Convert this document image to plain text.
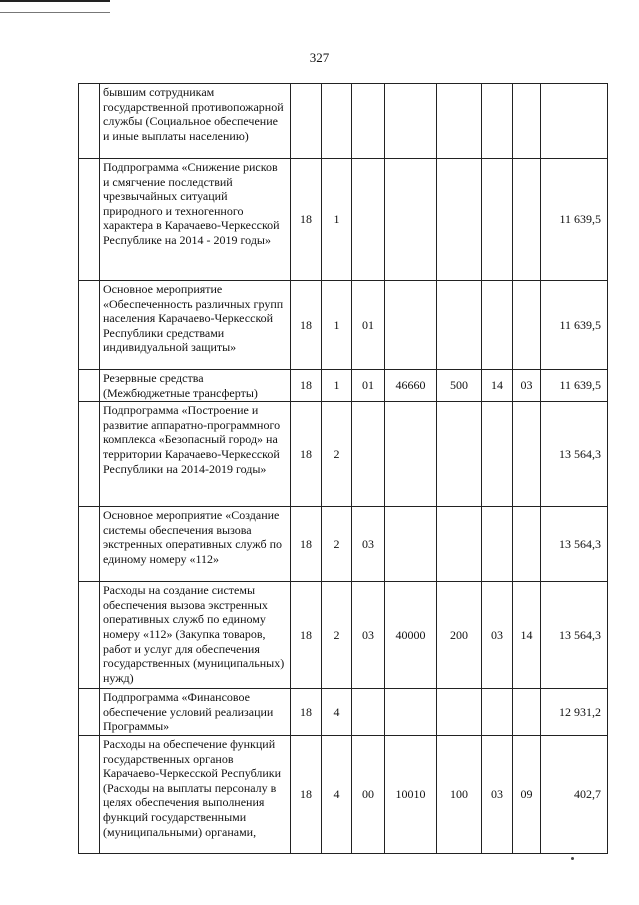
327
	бывшим сотрудникам государственной противопожарной службы (Социальное обеспечение и иные выплаты населению)								
	Подпрограмма «Снижение рисков и смягчение последствий чрезвычайных ситуаций природного и техногенного характера в Карачаево-Черкесской Республике на 2014 - 2019 годы»	18	1						11 639,5
	Основное мероприятие «Обеспеченность различных групп населения Карачаево-Черкесской Республики средствами индивидуальной защиты»	18	1	01					11 639,5
	Резервные средства (Межбюджетные трансферты)	18	1	01	46660	500	14	03	11 639,5
	Подпрограмма «Построение и развитие аппаратно-программного комплекса «Безопасный город» на территории Карачаево-Черкесской Республики на 2014-2019 годы»	18	2						13 564,3
	Основное мероприятие «Создание системы обеспечения вызова экстренных оперативных служб по единому номеру «112»	18	2	03					13 564,3
	Расходы на создание системы обеспечения вызова экстренных оперативных служб по единому номеру «112» (Закупка товаров, работ и услуг для обеспечения государственных (муниципальных) нужд)	18	2	03	40000	200	03	14	13 564,3
	Подпрограмма «Финансовое обеспечение условий реализации Программы»	18	4						12 931,2
	Расходы на обеспечение функций государственных органов Карачаево-Черкесской Республики (Расходы на выплаты персоналу в целях обеспечения выполнения функций государственными (муниципальными) органами,	18	4	00	10010	100	03	09	402,7
